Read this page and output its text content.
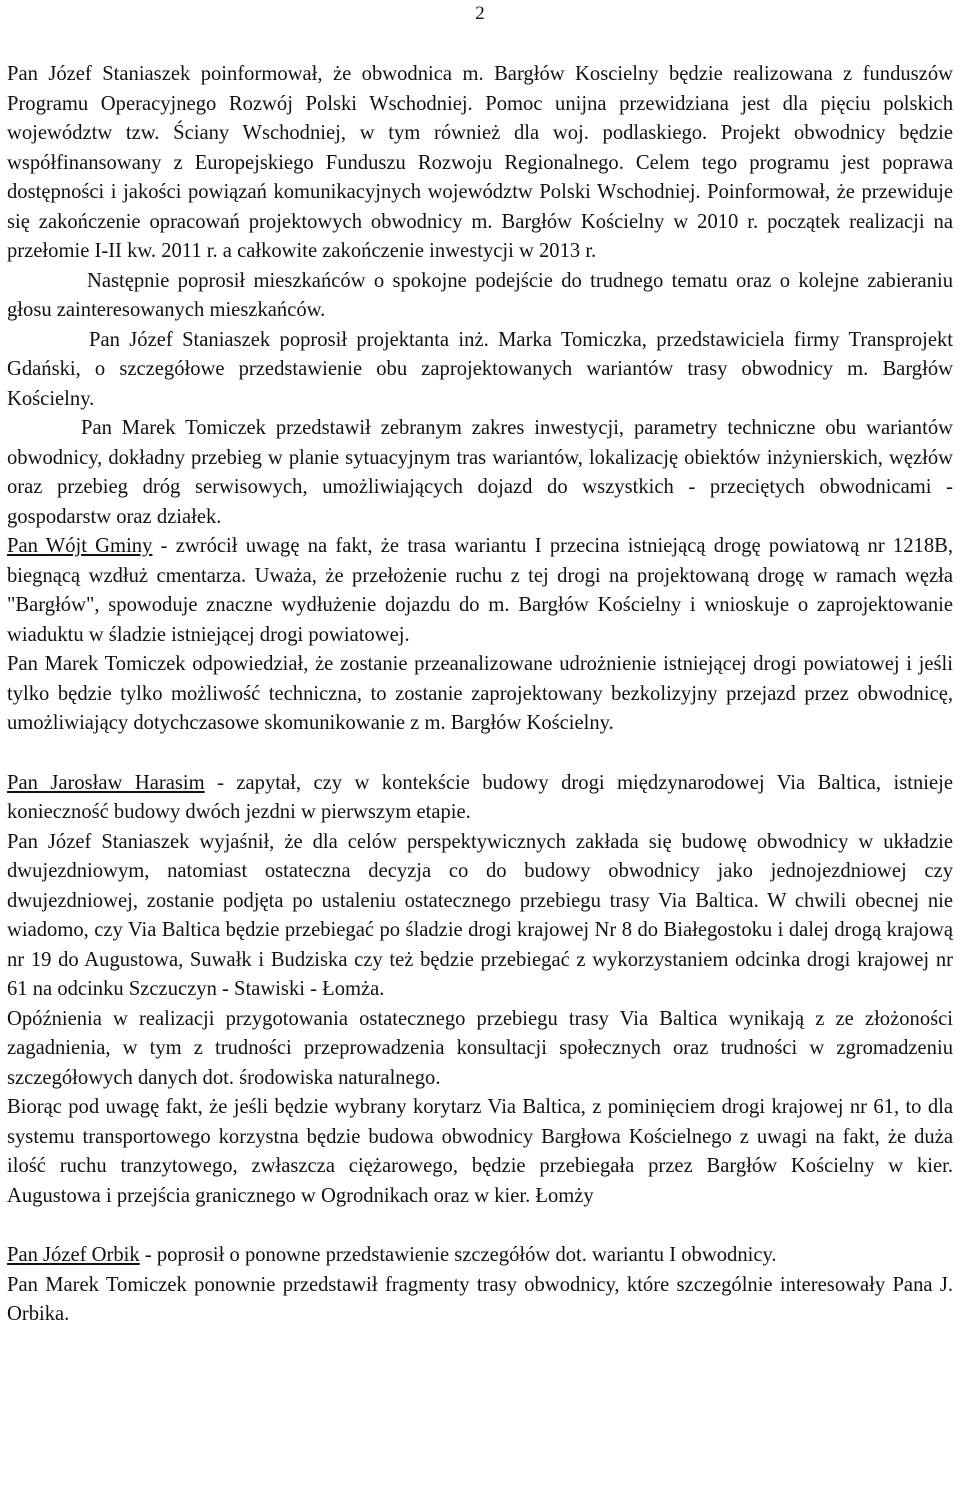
2

Pan Józef Staniaszek poinformował, że obwodnica m. Bargłów Koscielny będzie realizowana z funduszów Programu Operacyjnego Rozwój Polski Wschodniej. Pomoc unijna przewidziana jest dla pięciu polskich województw tzw. Ściany Wschodniej, w tym również dla woj. podlaskiego. Projekt obwodnicy będzie współfinansowany z Europejskiego Funduszu Rozwoju Regionalnego. Celem tego programu jest poprawa dostępności i jakości powiązań komunikacyjnych województw Polski Wschodniej. Poinformował, że przewiduje się zakończenie opracowań projektowych obwodnicy m. Bargłów Kościelny w 2010 r. początek realizacji na przełomie I-II kw. 2011 r. a całkowite zakończenie inwestycji w 2013 r.

Następnie poprosił mieszkańców o spokojne podejście do trudnego tematu oraz o kolejne zabieraniu głosu zainteresowanych mieszkańców.

Pan Józef Staniaszek poprosił projektanta inż. Marka Tomiczka, przedstawiciela firmy Transprojekt Gdański, o szczegółowe przedstawienie obu zaprojektowanych wariantów trasy obwodnicy m. Bargłów Kościelny.

Pan Marek Tomiczek przedstawił zebranym zakres inwestycji, parametry techniczne obu wariantów obwodnicy, dokładny przebieg w planie sytuacyjnym tras wariantów, lokalizację obiektów inżynierskich, węzłów oraz przebieg dróg serwisowych, umożliwiających dojazd do wszystkich - przeciętych obwodnicami - gospodarstw oraz działek.

Pan Wójt Gminy - zwrócił uwagę na fakt, że trasa wariantu I przecina istniejącą drogę powiatową nr 1218B, biegnącą wzdłuż cmentarza. Uważa, że przełożenie ruchu z tej drogi na projektowaną drogę w ramach węzła "Bargłów", spowoduje znaczne wydłużenie dojazdu do m. Bargłów Kościelny i wnioskuje o zaprojektowanie wiaduktu w śladzie istniejącej drogi powiatowej.

Pan Marek Tomiczek odpowiedział, że zostanie przeanalizowane udrożnienie istniejącej drogi powiatowej i jeśli tylko będzie tylko możliwość techniczna, to zostanie zaprojektowany bezkolizyjny przejazd przez obwodnicę, umożliwiający dotychczasowe skomunikowanie z m. Bargłów Kościelny.

Pan Jarosław Harasim - zapytał, czy w kontekście budowy drogi międzynarodowej Via Baltica, istnieje konieczność budowy dwóch jezdni w pierwszym etapie.

Pan Józef Staniaszek wyjaśnił, że dla celów perspektywicznych zakłada się budowę obwodnicy w układzie dwujezdniowym, natomiast ostateczna decyzja co do budowy obwodnicy jako jednojezdniowej czy dwujezdniowej, zostanie podjęta po ustaleniu ostatecznego przebiegu trasy Via Baltica. W chwili obecnej nie wiadomo, czy Via Baltica będzie przebiegać po śladzie drogi krajowej Nr 8 do Białegostoku i dalej drogą krajową nr 19 do Augustowa, Suwałk i Budziska czy też będzie przebiegać z wykorzystaniem odcinka drogi krajowej nr 61 na odcinku Szczuczyn - Stawiski - Łomża.

Opóźnienia w realizacji przygotowania ostatecznego przebiegu trasy Via Baltica wynikają z ze złożoności zagadnienia, w tym z trudności przeprowadzenia konsultacji społecznych oraz trudności w zgromadzeniu szczegółowych danych dot. środowiska naturalnego.

Biorąc pod uwagę fakt, że jeśli będzie wybrany korytarz Via Baltica, z pominięciem drogi krajowej nr 61, to dla systemu transportowego korzystna będzie budowa obwodnicy Bargłowa Kościelnego z uwagi na fakt, że duża ilość ruchu tranzytowego, zwłaszcza ciężarowego, będzie przebiegała przez Bargłów Kościelny w kier. Augustowa i przejścia granicznego w Ogrodnikach oraz w kier. Łomży

Pan Józef Orbik - poprosił o ponowne przedstawienie szczegółów dot. wariantu I obwodnicy.

Pan Marek Tomiczek ponownie przedstawił fragmenty trasy obwodnicy, które szczególnie interesowały Pana J. Orbika.
